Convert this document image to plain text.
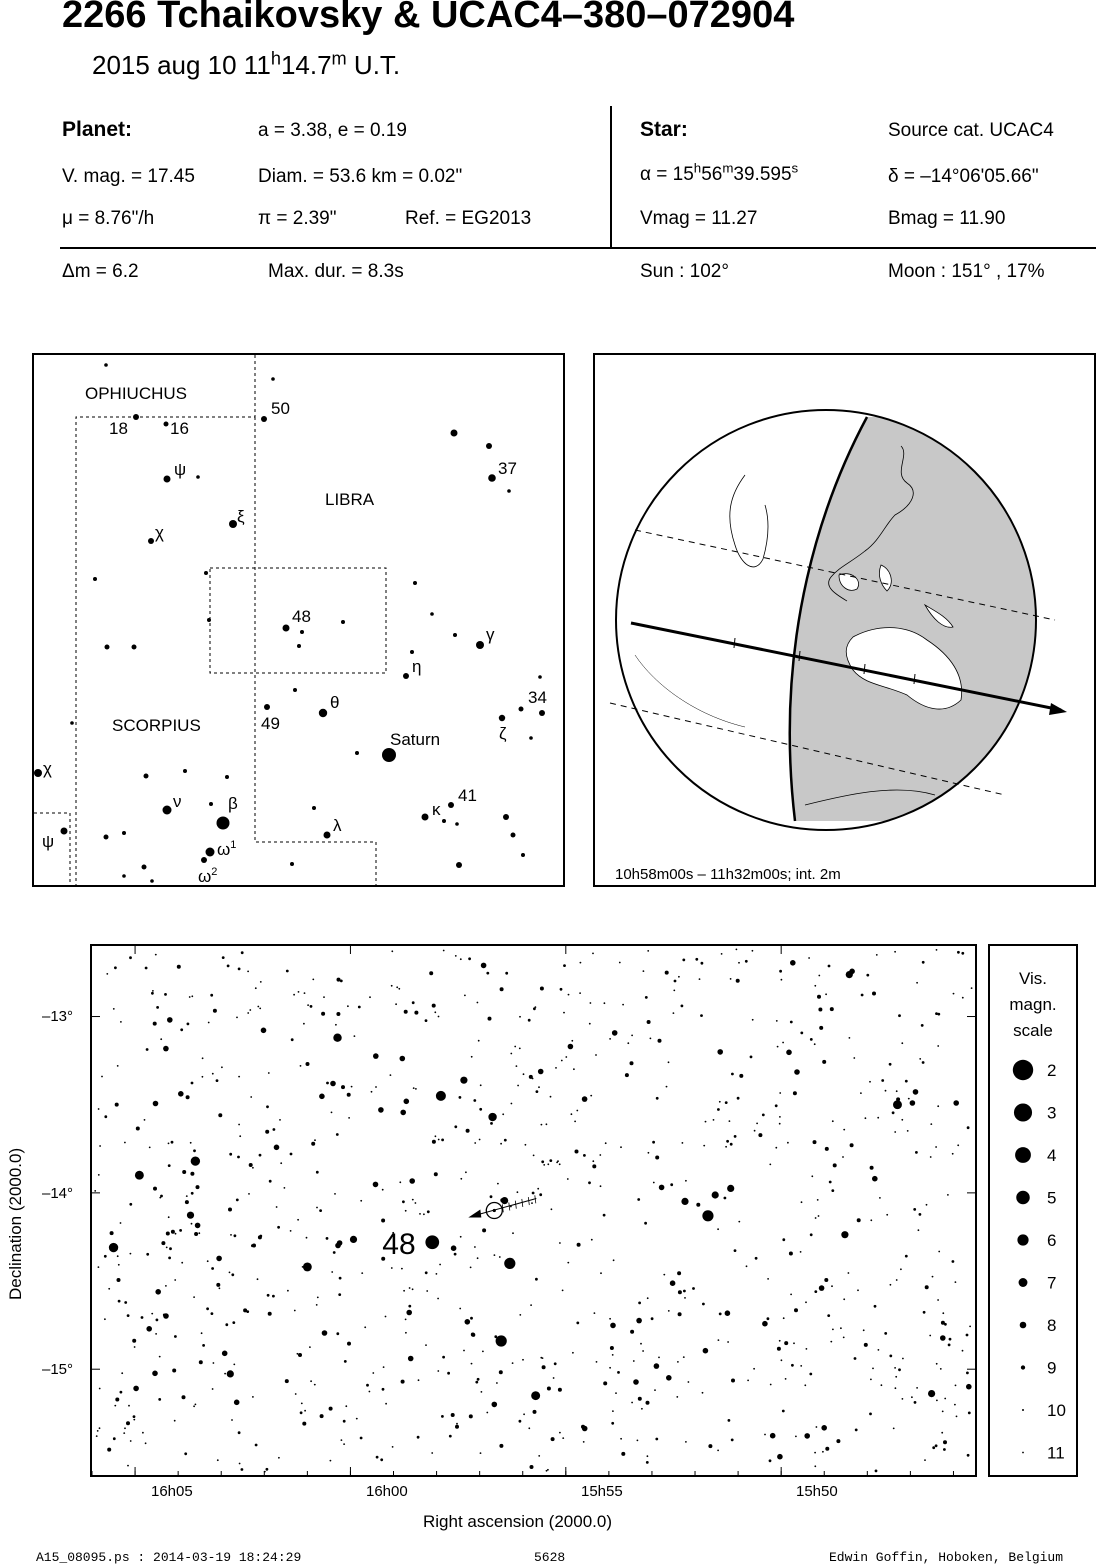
2266 Tchaikovsky & UCAC4–380–072904
2015 aug 10 11$^h$14.7$^m$ U.T.
Planet:	a = 3.38, e = 0.19
V. mag. = 17.45	Diam. = 53.6 km = 0.02"
μ = 8.76"/h	π = 2.39"	Ref. = EG2013
Star:	Source cat. UCAC4
$\alpha = 15^h56^m39.595^s$	δ = –14°06'05.66"
Vmag = 11.27	Bmag = 11.90
Δm = 6.2	Max. dur. = 8.3s	Sun : 102°	Moon : 151° , 17%
OPHIUCHUS
LIBRA
SCORPIUS
18 16
50
ψ
ξ
37
χ
48
γ
η
θ	34
49
ζ
Saturn
χ
ν	β	κ
41
λ
ψ	$\omega^1$
$\omega^2$	10h58m00s – 11h32m00s; int. 2m
Declination (2000.0)
–13°
–14°
–15°
16h05	16h00	15h55	15h50
Right ascension (2000.0)
48
Vis.
magn.
scale
2
3
4
5
6
7
8
9
10
11
A15_08095.ps : 2014-03-19 18:24:29	5628	Edwin Goffin, Hoboken, Belgium
